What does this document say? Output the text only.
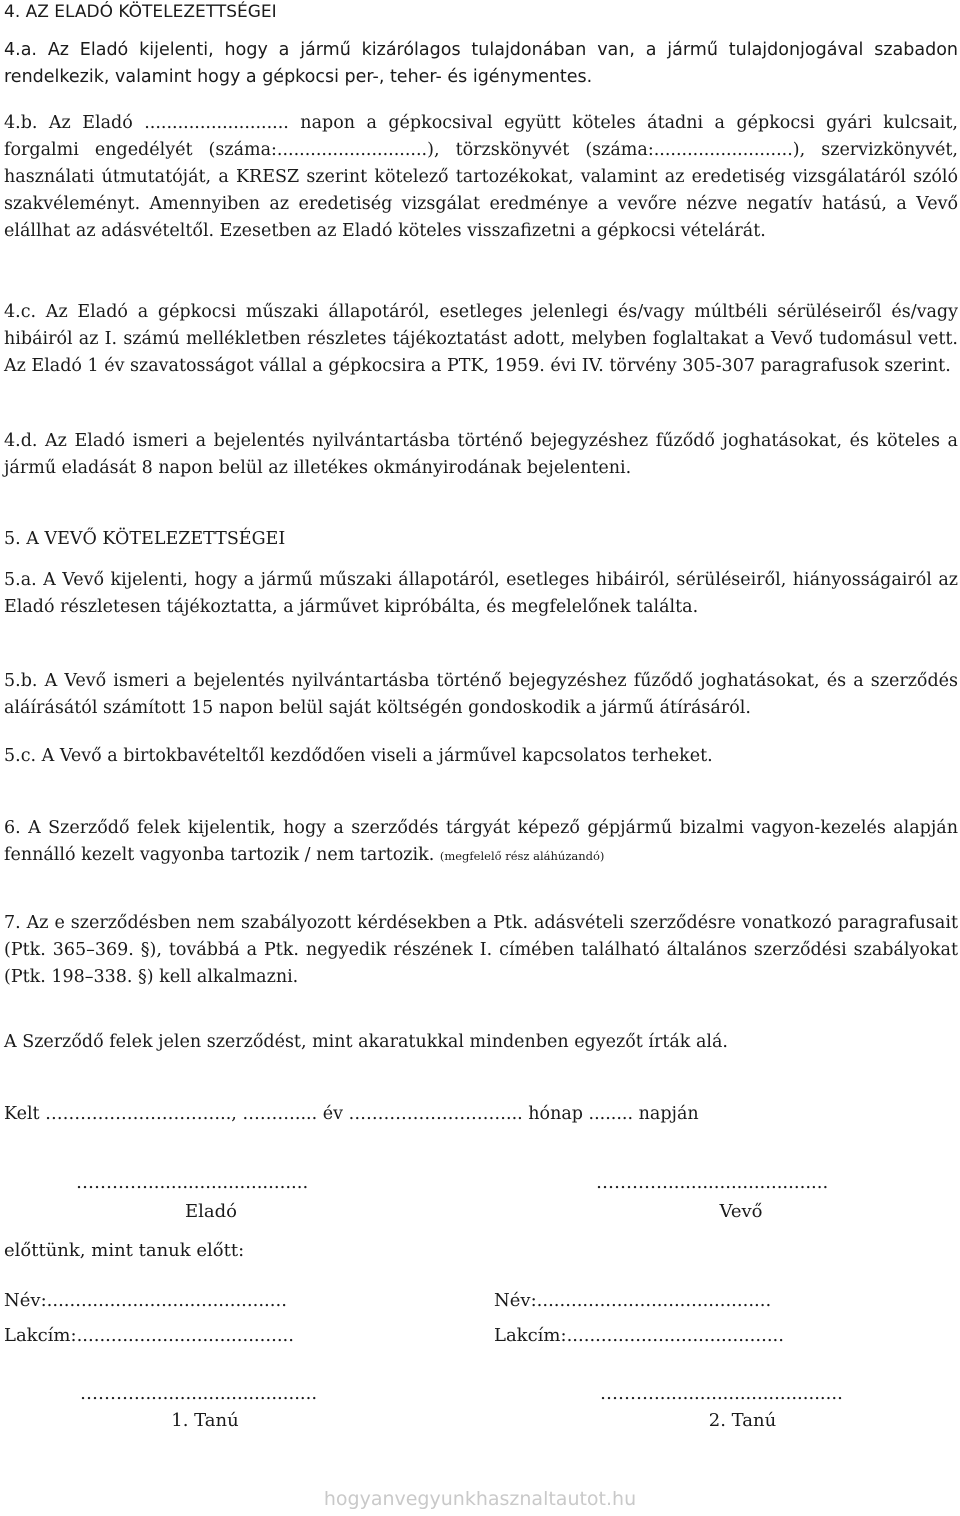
4. AZ ELADÓ KÖTELEZETTSÉGEI

4.a. Az Eladó kijelenti, hogy a jármű kizárólagos tulajdonában van, a jármű tulajdonjogával szabadon rendelkezik, valamint hogy a gépkocsi per-, teher- és igénymentes.

4.b. Az Eladó .......................... napon a gépkocsival együtt köteles átadni a gépkocsi gyári kulcsait, forgalmi engedélyét (száma:...........................), törzskönyvét (száma:.........................), szervizkönyvét, használati útmutatóját, a KRESZ szerint kötelező tartozékokat, valamint az eredetiség vizsgálatáról szóló szakvéleményt. Amennyiben az eredetiség vizsgálat eredménye a vevőre nézve negatív hatású, a Vevő elállhat az adásvételtől. Ezesetben az Eladó köteles visszafizetni a gépkocsi vételárát.

4.c. Az Eladó a gépkocsi műszaki állapotáról, esetleges jelenlegi és/vagy múltbéli sérüléseiről és/vagy hibáiról az I. számú mellékletben részletes tájékoztatást adott, melyben foglaltakat a Vevő tudomásul vett. Az Eladó 1 év szavatosságot vállal a gépkocsira a PTK, 1959. évi IV. törvény 305-307 paragrafusok szerint.

4.d. Az Eladó ismeri a bejelentés nyilvántartásba történő bejegyzéshez fűződő joghatásokat, és köteles a jármű eladását 8 napon belül az illetékes okmányirodának bejelenteni.

5. A VEVŐ KÖTELEZETTSÉGEI

5.a. A Vevő kijelenti, hogy a jármű műszaki állapotáról, esetleges hibáiról, sérüléseiről, hiányosságairól az Eladó részletesen tájékoztatta, a járművet kipróbálta, és megfelelőnek találta.

5.b. A Vevő ismeri a bejelentés nyilvántartásba történő bejegyzéshez fűződő joghatásokat, és a szerződés aláírásától számított 15 napon belül saját költségén gondoskodik a jármű átírásáról.

5.c. A Vevő a birtokbavételtől kezdődően viseli a járművel kapcsolatos terheket.

6. A Szerződő felek kijelentik, hogy a szerződés tárgyát képező gépjármű bizalmi vagyon-kezelés alapján fennálló kezelt vagyonba tartozik / nem tartozik. (megfelelő rész aláhúzandó)

7. Az e szerződésben nem szabályozott kérdésekben a Ptk. adásvételi szerződésre vonatkozó paragrafusait (Ptk. 365–369. §), továbbá a Ptk. negyedik részének I. címében található általános szerződési szabályokat (Ptk. 198–338. §) kell alkalmazni.

A Szerződő felek jelen szerződést, mint akaratukkal mindenben egyezőt írták alá.
Kelt ………………………….., ……….... év ………………………... hónap ........ napján
…………............................
Eladó
…………............................
Vevő
előttünk, mint tanuk előtt:
Név:..........................................
Lakcím:......................................
Név:.........................................
Lakcím:......................................
………................................
1. Tanú
……….................................
2. Tanú
hogyanvegyunkhasznaltautot.hu
